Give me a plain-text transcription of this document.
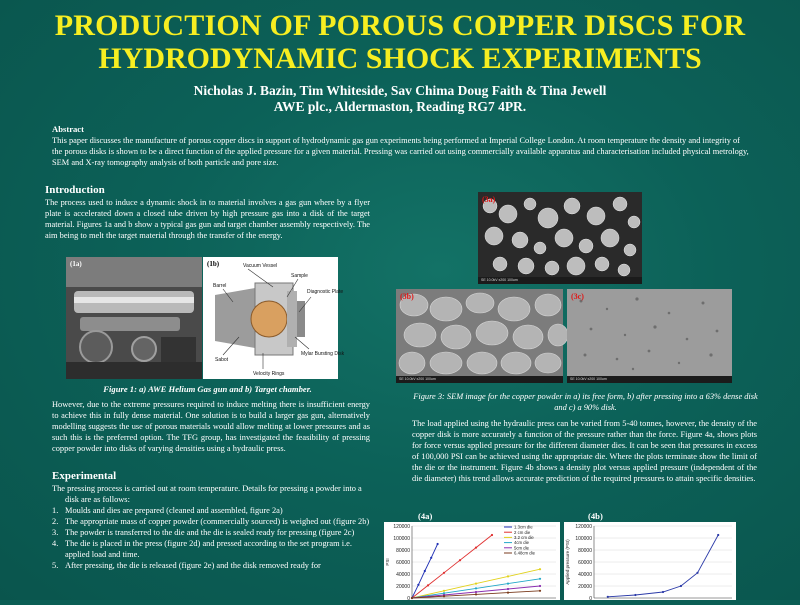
PRODUCTION OF POROUS COPPER DISCS FOR
HYDRODYNAMIC SHOCK EXPERIMENTS
Nicholas J. Bazin, Tim Whiteside, Sav Chima Doug Faith & Tina Jewell
AWE plc., Aldermaston, Reading RG7 4PR.
Abstract

This paper discusses the manufacture of porous copper discs in support of hydrodynamic gas gun experiments being performed at Imperial College London. At room temperature the density and integrity of the porous disks is shown to be a direct function of the applied pressure for a given material. Pressing was carried out using commercially available apparatus and characterisation included physical metrology, SEM and X-ray tomography analysis of both particle and pore size.

Introduction

The process used to induce a dynamic shock in to material involves a gas gun where by a flyer plate is accelerated down a closed tube driven by high pressure gas into a disk of the target material. Figures 1a and b show a typical gas gun and target chamber assembly respectively. The aim being to melt the target material through the transfer of the energy.

(1a)	Vacuum Vessel
Sample
Barrel
Diagnostic Plate
Sabot
Mylar Bursting Disk
Velocity Rings
(1b)
Figure 1: a) AWE Helium Gas gun and b) Target chamber.

However, due to the extreme pressures required to induce melting there is insufficient energy to achieve this in fully dense material. One solution is to build a larger gas gun, alternatively modelling suggests the use of porous materials would allow melting at lower pressures and as such this is the preferred option. The TFG group, has investigated the feasibility of pressing copper powder into disks of varying densities using a hydraulic press.

Experimental

The pressing process is carried out at room temperature. Details for pressing a powder into a disk are as follows:

1. Moulds and dies are prepared (cleaned and assembled, figure 2a)
2. The appropriate mass of copper powder (commercially sourced) is weighed out (figure 2b)
3. The powder is transferred to the die and the die is sealed ready for pressing (figure 2c)
4. The die is placed in the press (figure 2d) and pressed according to the set program i.e. applied load and time.
5. After pressing, the die is released (figure 2e) and the disk removed ready for
(3a)
SE 10.0kV x200 100um
(3b)
SE 10.0kV x200 100um
(3c)
SE 10.0kV x200 100um
Figure 3: SEM image for the copper powder in a) its free form, b) after pressing into a 63% dense disk and c) a 90% disk.
The load applied using the hydraulic press can be varied from 5-40 tonnes, however, the density of the copper disk is more accurately a function of the pressure rather than the force. Figure 4a, shows plots for force versus applied pressure for the different diameter dies. It can be seen that pressures in excess of 100,000 PSI can be achieved using the appropriate die. Where the plots terminate show the limit of the die or the instrument. Figure 4b shows a density plot versus applied pressure (independent of the die diameter) this trend allows accurate prediction of the required pressures to attain specific densities.
(4a)	(4b)
0
20000
40000
60000
80000
100000
120000
PSI
1.3cm die
2 cm die
3.2 cm die
4cm die
5cm die
6.48cm die
0
20000
40000
60000
80000
100000
120000
Applied pressure (PSI)
